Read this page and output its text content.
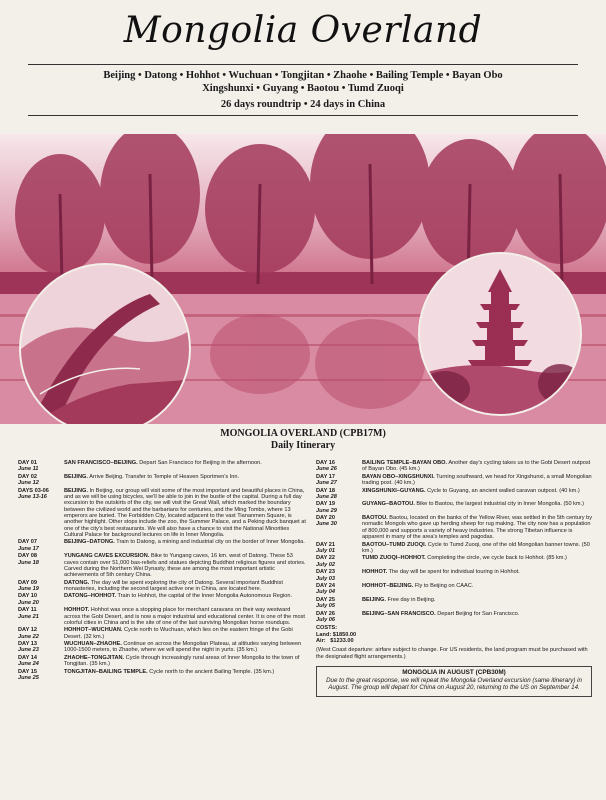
Mongolia Overland
Beijing • Datong • Hohhot • Wuchuan • Tongjitan • Zhaohe • Bailing Temple • Bayan Obo
Xingshunxi • Guyang • Baotou • Tumd Zuoqi
26 days roundtrip • 24 days in China
MONGOLIA OVERLAND (CPB17M)
Daily Itinerary
DAY 01
June 11
SAN FRANCISCO–BEIJING. Depart San Francisco for Beijing in the afternoon.
DAY 02
June 12
BEIJING. Arrive Beijing. Transfer to Temple of Heaven Sportmen's Inn.
DAYS 03-06
June 13-16
BEIJING. In Beijing, our group will visit some of the most important and beautiful places in China, and as we will be using bicycles, we'll be able to join in the bustle of the capital. During a full day excursion to the outskirts of the city, we will visit the Great Wall, which marked the boundary between the civilized world and the barbarians for centuries, and the Ming Tombs, where 13 emperors are buried. The Forbidden City, located adjacent to the vast Tiananmen Square, is another highlight. Other stops include the zoo, the Summer Palace, and a Peking duck banquet at one of the city's best restaurants. We will also have a chance to visit the National Minorities Cultural Palace for background lectures on life in Inner Mongolia.
DAY 07
June 17
BEIJING–DATONG. Train to Datong, a mining and industrial city on the border of Inner Mongolia.
DAY 08
June 18
YUNGANG CAVES EXCURSION. Bike to Yungang caves, 16 km. west of Datong. These 53 caves contain over 51,000 bas-reliefs and statues depicting Buddhist religious figures and stories. Carved during the Northern Wei Dynasty, these are among the most important artistic achievements of 5th century China.
DAY 09
June 19
DATONG. The day will be spent exploring the city of Datong. Several important Buddhist monasteries, including the second largest active one in China, are located here.
DAY 10
June 20
DATONG–HOHHOT. Train to Hohhot, the capital of the Inner Mongolia Autonomous Region.
DAY 11
June 21
HOHHOT. Hohhot was once a stopping place for merchant caravans on their way westward across the Gobi Desert, and is now a major industrial and educational center. It is one of the most colorful cities in China and is the site of one of the last surviving Mongolian horse roundups.
DAY 12
June 22
HOHHOT–WUCHUAN. Cycle north to Wuchuan, which lies on the eastern fringe of the Gobi Desert. (32 km.)
DAY 13
June 23
WUCHUAN–ZHAOHE. Continue on across the Mongolian Plateau, at altitudes varying between 1000-1500 meters, to Zhaohe, where we will spend the night in yurts. (35 km.)
DAY 14
June 24
ZHAOHE–TONGJITAN. Cycle through increasingly rural areas of Inner Mongolia to the town of Tongjitan. (35 km.)
DAY 15
June 25
TONGJITAN–BAILING TEMPLE. Cycle north to the ancient Bailing Temple. (35 km.)
DAY 16
June 26
BAILING TEMPLE–BAYAN OBO. Another day's cycling takes us to the Gobi Desert outpost of Bayan Obo. (45 km.)
DAY 17
June 27
BAYAN OBO–XINGSHUNXI. Turning southward, we head for Xingshunxi, a small Mongolian trading post. (40 km.)
DAY 18
June 28
XINGSHUNXI–GUYANG. Cycle to Guyang, an ancient walled caravan outpost. (40 km.)
DAY 19
June 29
GUYANG–BAOTOU. Bike to Baotou, the largest industrial city in Inner Mongolia. (50 km.)
DAY 20
June 30
BAOTOU. Baotou, located on the banks of the Yellow River, was settled in the 5th century by nomadic Mongols who gave up herding sheep for rug making. The city now has a population of 800,000 and supports a variety of heavy industries. The strong Tibetan influence is apparent in many of the area's temples and pagodas.
DAY 21
July 01
BAOTOU–TUMD ZUOQI. Cycle to Tumd Zuoqi, one of the old Mongolian banner towns. (50 km.)
DAY 22
July 02
TUMD ZUOQI–HOHHOT. Completing the circle, we cycle back to Hohhot. (85 km.)
DAY 23
July 03
HOHHOT. The day will be spent for individual touring in Hohhot.
DAY 24
July 04
HOHHOT–BEIJING. Fly to Beijing on CAAC.
DAY 25
July 05
BEIJING. Free day in Beijing.
DAY 26
July 06
BEIJING–SAN FRANCISCO. Depart Beijing for San Francisco.
COSTS:
Land: $1850.00
Air:   $1233.00
(West Coast departure: airfare subject to change. For US residents, the land program must be purchased with the designated flight arrangements.)
MONGOLIA IN AUGUST (CPB30M)
Due to the great response, we will repeat the Mongolia Overland excursion (same itinerary) in August. The group will depart for China on August 20, returning to the US on September 14.
